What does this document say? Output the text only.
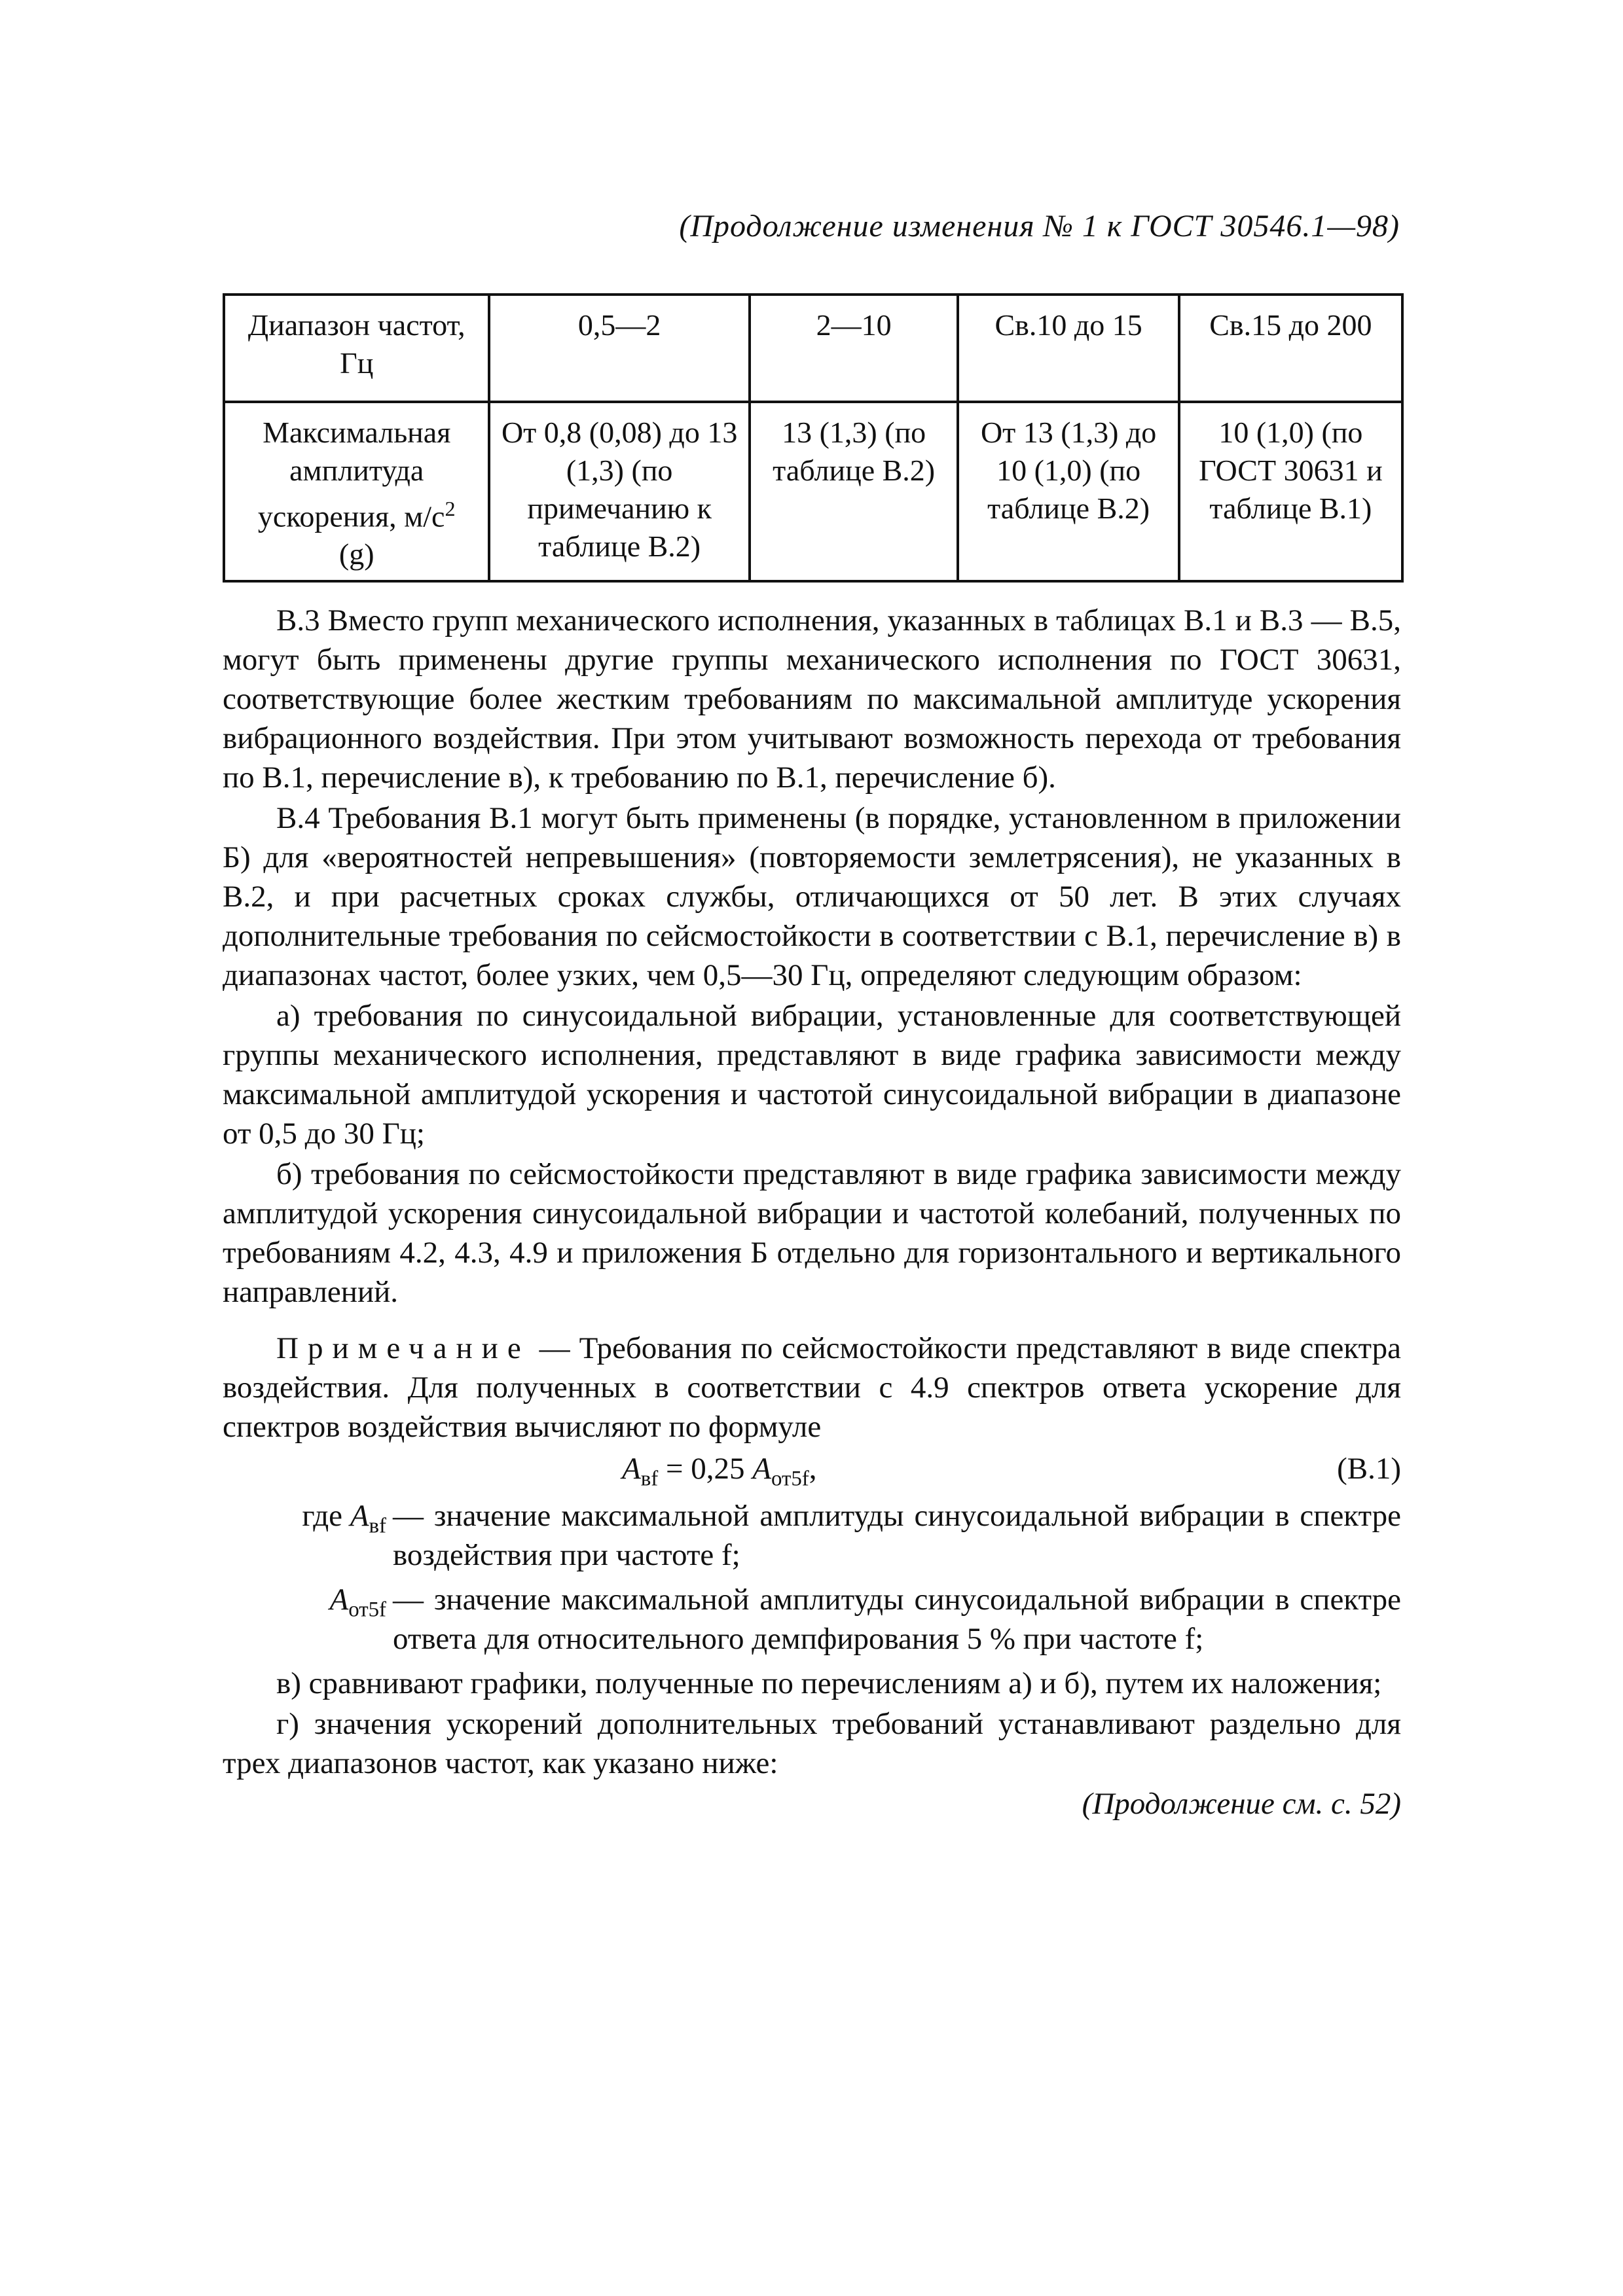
(Продолжение изменения № 1 к ГОСТ 30546.1—98)
Диапазон частот, Гц	0,5—2	2—10	Св.10 до 15	Св.15 до 200
Максимальная амплитуда ускорения, $м/с^2$
(g)	От 0,8 (0,08) до 13 (1,3) (по примечанию к таблице В.2)	13 (1,3) (по таблице В.2)	От 13 (1,3) до 10 (1,0) (по таблице В.2)	10 (1,0) (по ГОСТ 30631 и таблице В.1)

В.3 Вместо групп механического исполнения, указанных в таблицах В.1 и В.3 — В.5, могут быть применены другие группы механического исполнения по ГОСТ 30631, соответствующие более жестким требованиям по максимальной амплитуде ускорения вибрационного воздействия. При этом учитывают возможность перехода от требования по В.1, перечисление в), к требованию по В.1, перечисление б).

В.4 Требования В.1 могут быть применены (в порядке, установленном в приложении Б) для «вероятностей непревышения» (повторяемости землетрясения), не указанных в В.2, и при расчетных сроках службы, отличающихся от 50 лет. В этих случаях дополнительные требования по сейсмостойкости в соответствии с В.1, перечисление в) в диапазонах частот, более узких, чем 0,5—30 Гц, определяют следующим образом:

а) требования по синусоидальной вибрации, установленные для соответствующей группы механического исполнения, представляют в виде графика зависимости между максимальной амплитудой ускорения и частотой синусоидальной вибрации в диапазоне от 0,5 до 30 Гц;

б) требования по сейсмостойкости представляют в виде графика зависимости между амплитудой ускорения синусоидальной вибрации и частотой колебаний, полученных по требованиям 4.2, 4.3, 4.9 и приложения Б отдельно для горизонтального и вертикального направлений.

Примечание — Требования по сейсмостойкости представляют в виде спектра воздействия. Для полученных в соответствии с 4.9 спектров ответа ускорение для спектров воздействия вычисляют по формуле

$A_{вf} = 0,25$ $A_{от5f}$,	(В.1)
где $A_{вf}$ — значение максимальной амплитуды синусоидальной вибрации в спектре воздействия при частоте f;
$A_{от5f}$ — значение максимальной амплитуды синусоидальной вибрации в спектре ответа для относительного демпфирования 5 % при частоте f;

в) сравнивают графики, полученные по перечислениям а) и б), путем их наложения;

г) значения ускорений дополнительных требований устанавливают раздельно для трех диапазонов частот, как указано ниже:

(Продолжение см. с. 52)
